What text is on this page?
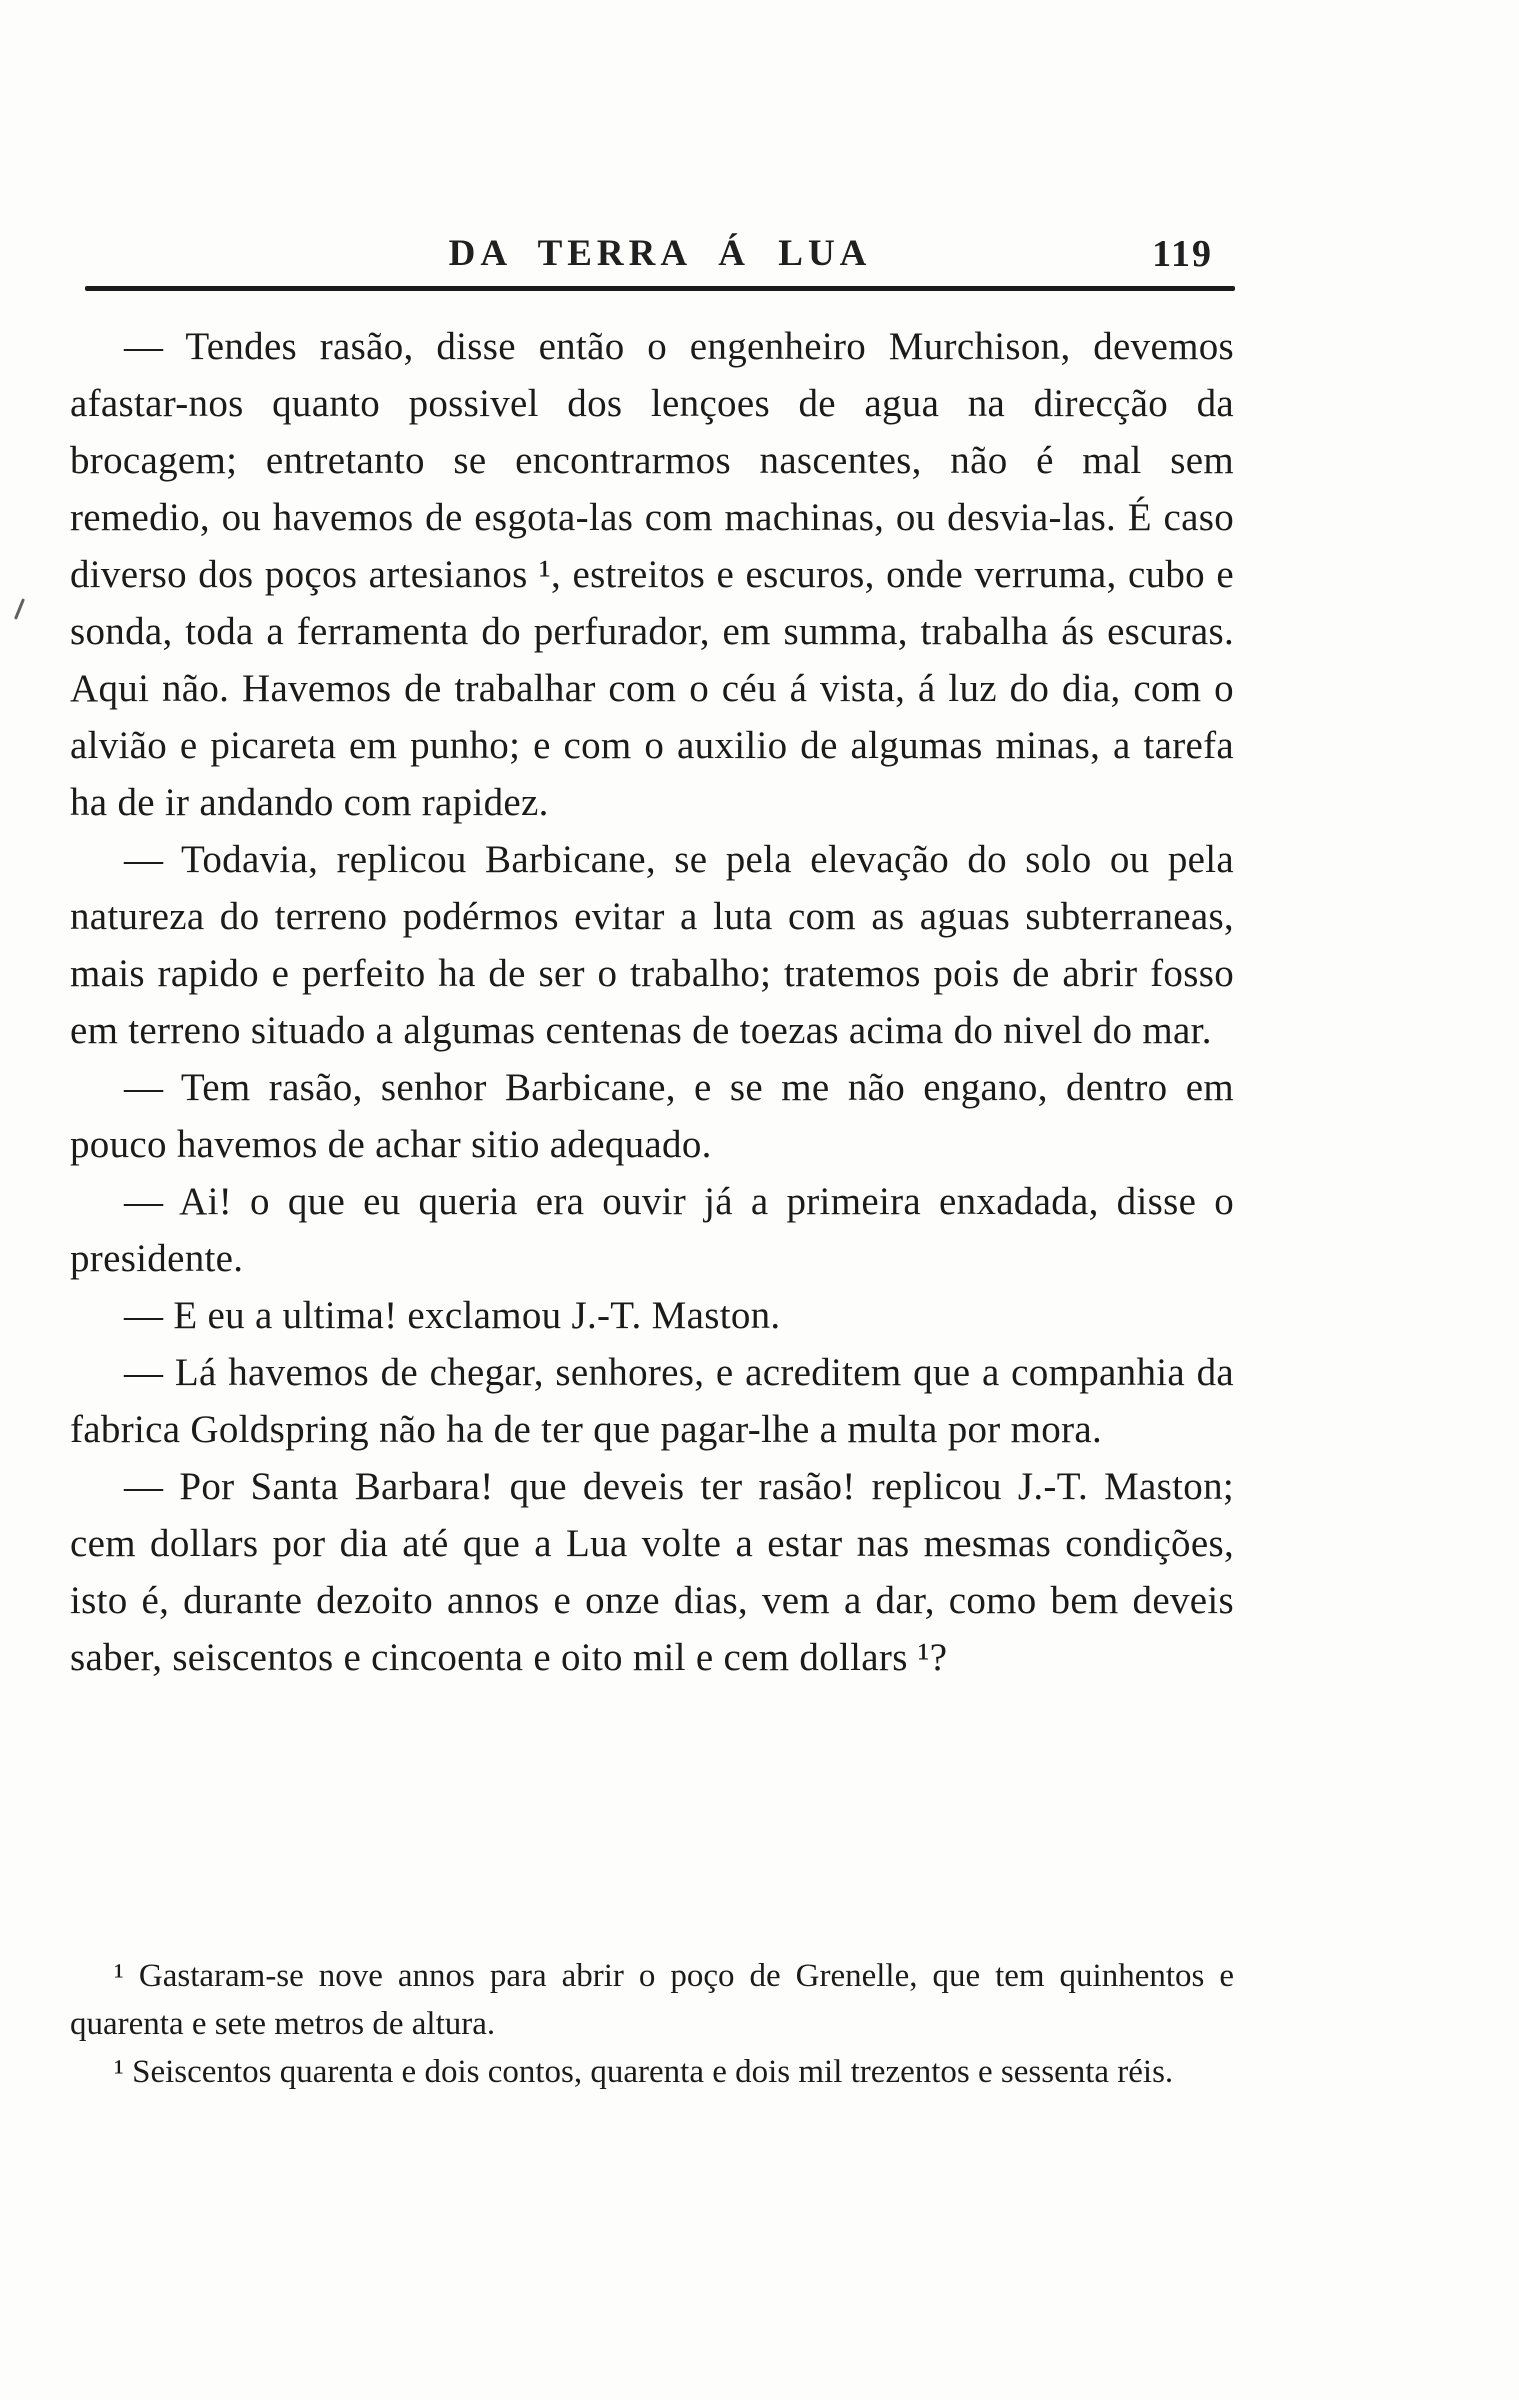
DA TERRA Á LUA	119

— Tendes rasão, disse então o engenheiro Murchison, devemos afastar-nos quanto possivel dos lençoes de agua na direcção da brocagem; entretanto se encontrarmos nascentes, não é mal sem remedio, ou havemos de esgota-las com machinas, ou desvia-las. É caso diverso dos poços artesianos ¹, estreitos e escuros, onde verruma, cubo e sonda, toda a ferramenta do perfurador, em summa, trabalha ás escuras. Aqui não. Havemos de trabalhar com o céu á vista, á luz do dia, com o alvião e picareta em punho; e com o auxilio de algumas minas, a tarefa ha de ir andando com rapidez.

— Todavia, replicou Barbicane, se pela elevação do solo ou pela natureza do terreno podérmos evitar a luta com as aguas subterraneas, mais rapido e perfeito ha de ser o trabalho; tratemos pois de abrir fosso em terreno situado a algumas centenas de toezas acima do nivel do mar.

— Tem rasão, senhor Barbicane, e se me não engano, dentro em pouco havemos de achar sitio adequado.

— Ai! o que eu queria era ouvir já a primeira enxadada, disse o presidente.

— E eu a ultima! exclamou J.-T. Maston.

— Lá havemos de chegar, senhores, e acreditem que a companhia da fabrica Goldspring não ha de ter que pagar-lhe a multa por mora.

— Por Santa Barbara! que deveis ter rasão! replicou J.-T. Maston; cem dollars por dia até que a Lua volte a estar nas mesmas condições, isto é, durante dezoito annos e onze dias, vem a dar, como bem deveis saber, seiscentos e cincoenta e oito mil e cem dollars ¹?

¹ Gastaram-se nove annos para abrir o poço de Grenelle, que tem quinhentos e quarenta e sete metros de altura.

¹ Seiscentos quarenta e dois contos, quarenta e dois mil trezentos e sessenta réis.
